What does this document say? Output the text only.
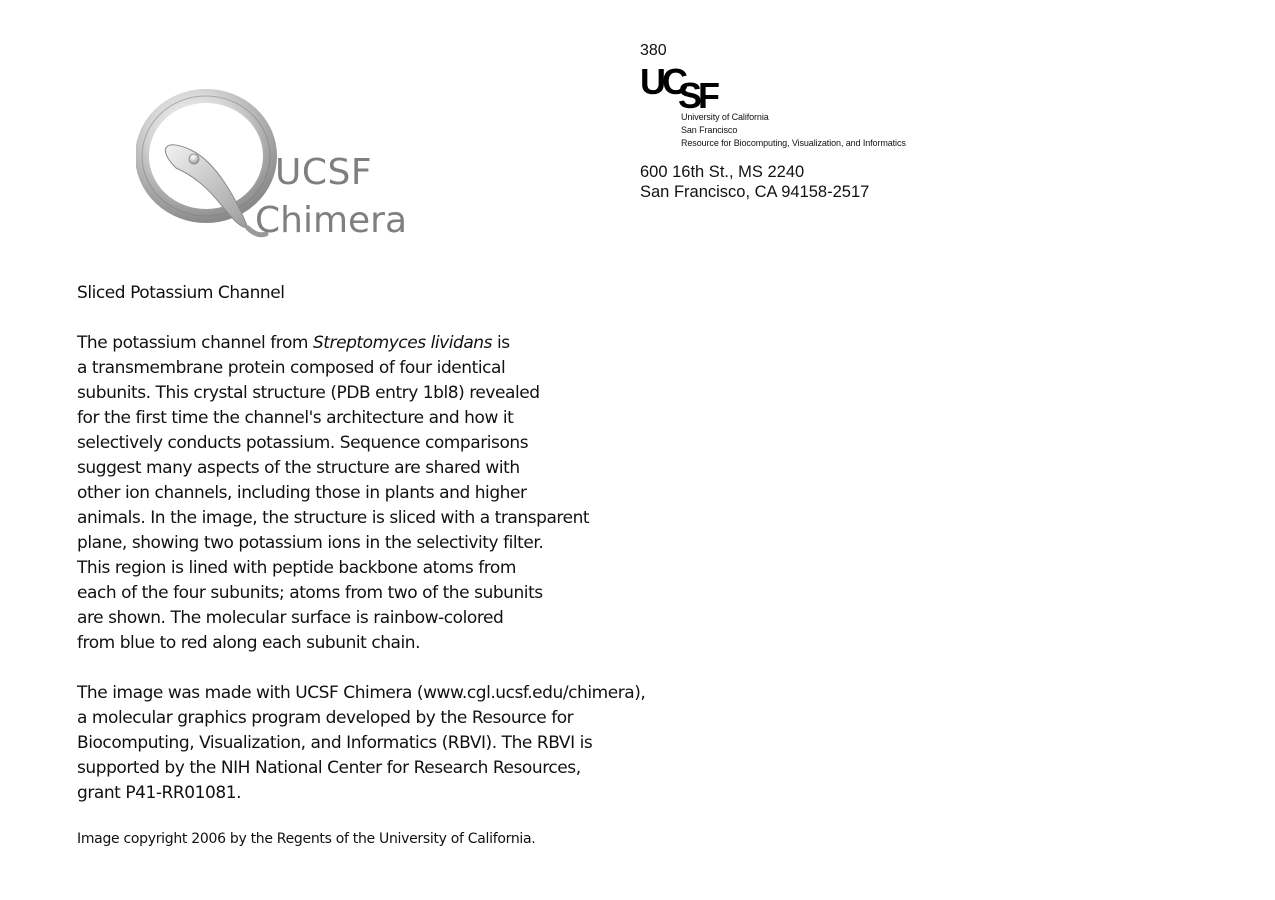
UCSF
Chimera
380
UC
SF
University of California
San Francisco
Resource for Biocomputing, Visualization, and Informatics
600 16th St., MS 2240
San Francisco, CA 94158-2517

Sliced Potassium Channel

The potassium channel from Streptomyces lividans is
a transmembrane protein composed of four identical
subunits. This crystal structure (PDB entry 1bl8) revealed
for the first time the channel's architecture and how it
selectively conducts potassium. Sequence comparisons
suggest many aspects of the structure are shared with
other ion channels, including those in plants and higher
animals. In the image, the structure is sliced with a transparent
plane, showing two potassium ions in the selectivity filter.
This region is lined with peptide backbone atoms from
each of the four subunits; atoms from two of the subunits
are shown. The molecular surface is rainbow-colored
from blue to red along each subunit chain.

The image was made with UCSF Chimera (www.cgl.ucsf.edu/chimera),
a molecular graphics program developed by the Resource for
Biocomputing, Visualization, and Informatics (RBVI). The RBVI is
supported by the NIH National Center for Research Resources,
grant P41-RR01081.

Image copyright 2006 by the Regents of the University of California.
